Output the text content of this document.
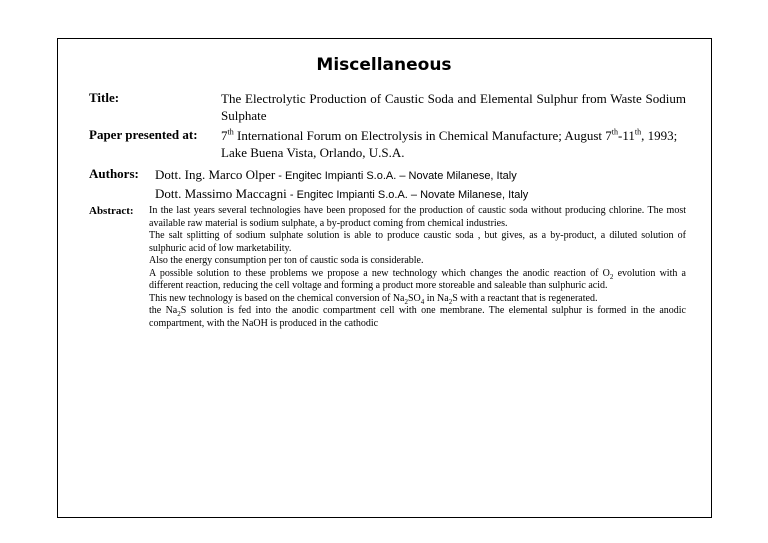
Miscellaneous
Title:	The Electrolytic Production of Caustic Soda and Elemental Sulphur from Waste Sodium Sulphate
Paper presented at: 7th International Forum on Electrolysis in Chemical Manufacture; August 7th-11th, 1993;
Lake Buena Vista, Orlando, U.S.A.
Authors: Dott. Ing. Marco Olper - Engitec Impianti S.o.A. – Novate Milanese, Italy
Dott. Massimo Maccagni - Engitec Impianti S.o.A. – Novate Milanese, Italy
Abstract: In the last years several technologies have been proposed for the production of caustic soda without producing chlorine. The most available raw material is sodium sulphate, a by-product coming from chemical industries.

The salt splitting of sodium sulphate solution is able to produce caustic soda , but gives, as a by-product, a diluted solution of sulphuric acid of low marketability.

Also the energy consumption per ton of caustic soda is considerable.

A possible solution to these problems we propose a new technology which changes the anodic reaction of $O_2$ evolution with a different reaction, reducing the cell voltage and forming a product more storeable and saleable than sulphuric acid.

This new technology is based on the chemical conversion of $Na_2SO_4$ in $Na_2S$ with a reactant that is regenerated.

the $Na_2S$ solution is fed into the anodic compartment cell with one membrane. The elemental sulphur is formed in the anodic compartment, with the NaOH is produced in the cathodic
